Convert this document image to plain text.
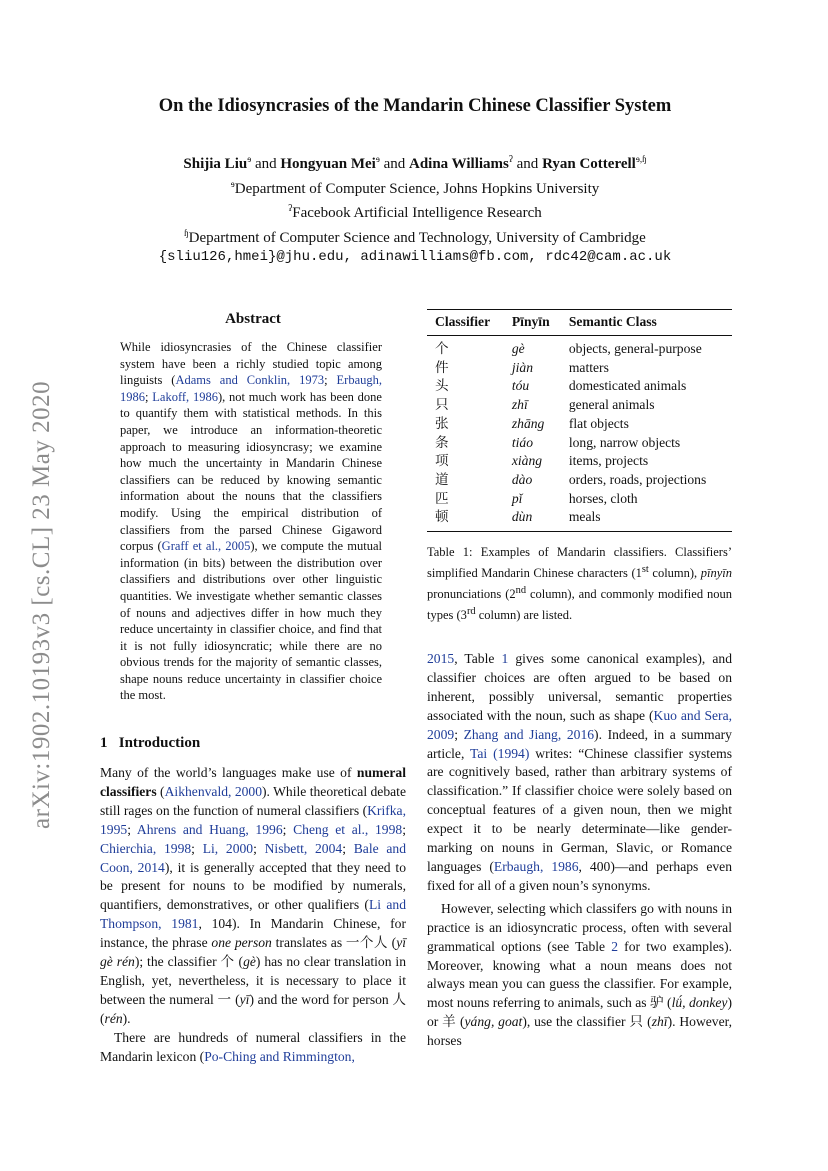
arXiv:1902.10193v3 [cs.CL] 23 May 2020
On the Idiosyncrasies of the Mandarin Chinese Classifier System
Shijia Liu$^ɘ$ and Hongyuan Mei$^ɘ$ and Adina Williams$^ʔ$ and Ryan Cotterell$^{ɘ,ɧ}$
$^ɘ$Department of Computer Science, Johns Hopkins University
$^ʔ$Facebook Artificial Intelligence Research
$^ɧ$Department of Computer Science and Technology, University of Cambridge
{sliu126,hmei}@jhu.edu, adinawilliams@fb.com, rdc42@cam.ac.uk
Abstract
While idiosyncrasies of the Chinese classifier system have been a richly studied topic among linguists (Adams and Conklin, 1973; Erbaugh, 1986; Lakoff, 1986), not much work has been done to quantify them with statistical methods. In this paper, we introduce an information-theoretic approach to measuring idiosyncrasy; we examine how much the uncertainty in Mandarin Chinese classifiers can be reduced by knowing semantic information about the nouns that the classifiers modify. Using the empirical distribution of classifiers from the parsed Chinese Gigaword corpus (Graff et al., 2005), we compute the mutual information (in bits) between the distribution over classifiers and distributions over other linguistic quantities. We investigate whether semantic classes of nouns and adjectives differ in how much they reduce uncertainty in classifier choice, and find that it is not fully idiosyncratic; while there are no obvious trends for the majority of semantic classes, shape nouns reduce uncertainty in classifier choice the most.
1   Introduction

Many of the world’s languages make use of numeral classifiers (Aikhenvald, 2000). While theoretical debate still rages on the function of numeral classifiers (Krifka, 1995; Ahrens and Huang, 1996; Cheng et al., 1998; Chierchia, 1998; Li, 2000; Nisbett, 2004; Bale and Coon, 2014), it is generally accepted that they need to be present for nouns to be modified by numerals, quantifiers, demonstratives, or other qualifiers (Li and Thompson, 1981, 104). In Mandarin Chinese, for instance, the phrase one person translates as 一个人 (yī gè rén); the classifier 个 (gè) has no clear translation in English, yet, nevertheless, it is necessary to place it between the numeral 一 (yī) and the word for person 人 (rén).

There are hundreds of numeral classifiers in the Mandarin lexicon (Po-Ching and Rimmington,

Classifier	Pīnyīn	Semantic Class
个	gè	objects, general-purpose
件	jiàn	matters
头	tóu	domesticated animals
只	zhī	general animals
张	zhāng	flat objects
条	tiáo	long, narrow objects
项	xiàng	items, projects
道	dào	orders, roads, projections
匹	pǐ	horses, cloth
顿	dùn	meals
Table 1: Examples of Mandarin classifiers. Classifiers’ simplified Mandarin Chinese characters (1st column), pīnyīn pronunciations (2nd column), and commonly modified noun types (3rd column) are listed.

2015, Table 1 gives some canonical examples), and classifier choices are often argued to be based on inherent, possibly universal, semantic properties associated with the noun, such as shape (Kuo and Sera, 2009; Zhang and Jiang, 2016). Indeed, in a summary article, Tai (1994) writes: “Chinese classifier systems are cognitively based, rather than arbitrary systems of classification.” If classifier choice were solely based on conceptual features of a given noun, then we might expect it to be nearly determinate—like gender-marking on nouns in German, Slavic, or Romance languages (Erbaugh, 1986, 400)—and perhaps even fixed for all of a given noun’s synonyms.

However, selecting which classifers go with nouns in practice is an idiosyncratic process, often with several grammatical options (see Table 2 for two examples). Moreover, knowing what a noun means does not always mean you can guess the classifier. For example, most nouns referring to animals, such as 驴 (lǘ, donkey) or 羊 (yáng, goat), use the classifier 只 (zhī). However, horses
